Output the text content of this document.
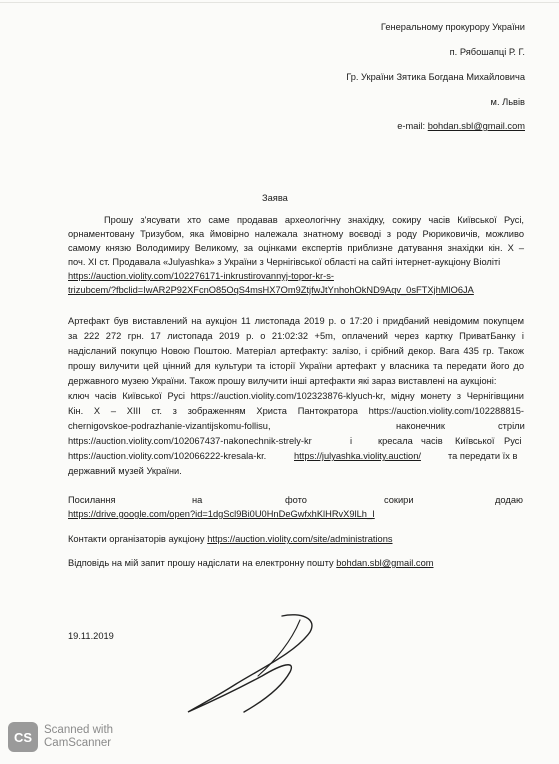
Генеральному прокурору України
п. Рябошапці Р. Г.
Гр. України Зятика Богдана Михайловича
м. Львів
e-mail: bohdan.sbl@gmail.com
Заява
Прошу з'ясувати хто саме продавав археологічну знахідку, сокиру часів Київської Русі,
орнаментовану Тризубом, яка ймовірно належала знатному воєводі з роду Рюриковичів, можливо
самому князю Володимиру Великому, за оцінками експертів приблизне датування знахідки кін. X –
поч. XI ст. Продавала «Julyashka» з України з Чернігівської області на сайті інтернет-аукціону Віоліті
https://auction.violity.com/102276171-inkrustirovannyj-topor-kr-s-
trizubcem/?fbclid=IwAR2P92XFcnO85OqS4msHX7Om9ZtjfwJtYnhohOkND9Aqv_0sFTXjhMlO6JA
Артефакт був виставлений на аукціон 11 листопада 2019 р. о 17:20 і придбаний невідомим покупцем
за 222 272 грн. 17 листопада 2019 р. о 21:02:32 +5m, оплачений через картку ПриватБанку і
надісланий покупцю Новою Поштою. Матеріал артефакту: залізо, і срібний декор. Вага 435 гр. Також
прошу вилучити цей цінний для культури та історії України артефакт у власника та передати його до
державного музею України. Також прошу вилучити інші артефакти які зараз виставлені на аукціоні:
ключ часів Київської Русі https://auction.violity.com/102323876-klyuch-kr, мідну монету з Чернігівщини
Кін. X – XIII ст. з зображенням Христа Пантократора https://auction.violity.com/102288815-
chernigovskoe-podrazhanie-vizantijskomu-follisu,	наконечник	стріли
https://auction.violity.com/102067437-nakonechnik-strely-kr	і	кресала часів Київської Русі
https://auction.violity.com/102066222-kresala-kr.	https://julyashka.violity.auction/	та передати їх в
державний музей України.
Посилання	на	фото	сокири	додаю
https://drive.google.com/open?id=1dgScl9Bi0U0HnDeGwfxhKlHRvX9lLh_I
Контакти організаторів аукціону https://auction.violity.com/site/administrations
Відповідь на мій запит прошу надіслати на електронну пошту bohdan.sbl@gmail.com
19.11.2019
CS	Scanned with
CamScanner
